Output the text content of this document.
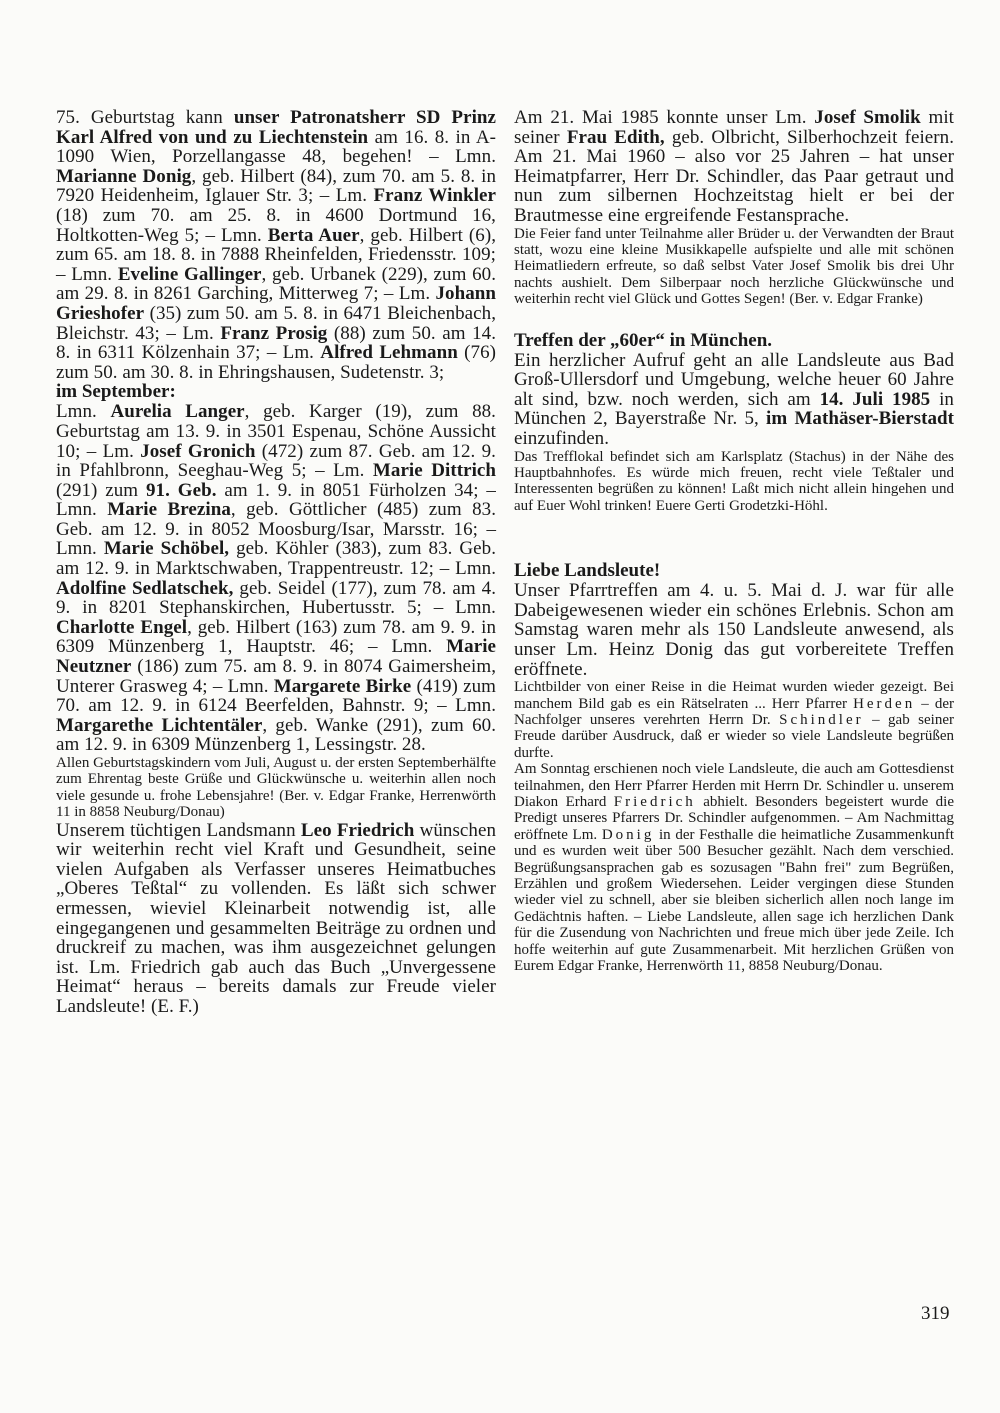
75. Geburtstag kann unser Patronatsherr SD Prinz Karl Alfred von und zu Liechtenstein am 16. 8. in A-1090 Wien, Porzellangasse 48, begehen! – Lmn. Marianne Donig, geb. Hilbert (84), zum 70. am 5. 8. in 7920 Heidenheim, Iglauer Str. 3; – Lm. Franz Winkler (18) zum 70. am 25. 8. in 4600 Dortmund 16, Holtkotten-Weg 5; – Lmn. Berta Auer, geb. Hilbert (6), zum 65. am 18. 8. in 7888 Rheinfelden, Friedensstr. 109; – Lmn. Eveline Gallinger, geb. Urbanek (229), zum 60. am 29. 8. in 8261 Garching, Mitterweg 7; – Lm. Johann Grieshofer (35) zum 50. am 5. 8. in 6471 Bleichenbach, Bleichstr. 43; – Lm. Franz Prosig (88) zum 50. am 14. 8. in 6311 Kölzenhain 37; – Lm. Alfred Lehmann (76) zum 50. am 30. 8. in Ehringshausen, Sudetenstr. 3;

im September:

Lmn. Aurelia Langer, geb. Karger (19), zum 88. Geburtstag am 13. 9. in 3501 Espenau, Schöne Aussicht 10; – Lm. Josef Gronich (472) zum 87. Geb. am 12. 9. in Pfahlbronn, Seeghau-Weg 5; – Lm. Marie Dittrich (291) zum 91. Geb. am 1. 9. in 8051 Fürholzen 34; – Lmn. Marie Brezina, geb. Göttlicher (485) zum 83. Geb. am 12. 9. in 8052 Moosburg/Isar, Marsstr. 16; – Lmn. Marie Schöbel, geb. Köhler (383), zum 83. Geb. am 12. 9. in Marktschwaben, Trappentreustr. 12; – Lmn. Adolfine Sedlatschek, geb. Seidel (177), zum 78. am 4. 9. in 8201 Stephanskirchen, Hubertusstr. 5; – Lmn. Charlotte Engel, geb. Hilbert (163) zum 78. am 9. 9. in 6309 Münzenberg 1, Hauptstr. 46; – Lmn. Marie Neutzner (186) zum 75. am 8. 9. in 8074 Gaimersheim, Unterer Grasweg 4; – Lmn. Margarete Birke (419) zum 70. am 12. 9. in 6124 Beerfelden, Bahnstr. 9; – Lmn. Margarethe Lichtentäler, geb. Wanke (291), zum 60. am 12. 9. in 6309 Münzenberg 1, Lessingstr. 28.

Allen Geburtstagskindern vom Juli, August u. der ersten Septemberhälfte zum Ehrentag beste Grüße und Glückwünsche u. weiterhin allen noch viele gesunde u. frohe Lebensjahre! (Ber. v. Edgar Franke, Herrenwörth 11 in 8858 Neuburg/Donau)

Unserem tüchtigen Landsmann Leo Friedrich wünschen wir weiterhin recht viel Kraft und Gesundheit, seine vielen Aufgaben als Verfasser unseres Heimatbuches „Oberes Teßtal“ zu vollenden. Es läßt sich schwer ermessen, wieviel Kleinarbeit notwendig ist, alle eingegangenen und gesammelten Beiträge zu ordnen und druckreif zu machen, was ihm ausgezeichnet gelungen ist. Lm. Friedrich gab auch das Buch „Unvergessene Heimat“ heraus – bereits damals zur Freude vieler Landsleute! (E. F.)

Am 21. Mai 1985 konnte unser Lm. Josef Smolik mit seiner Frau Edith, geb. Olbricht, Silberhochzeit feiern. Am 21. Mai 1960 – also vor 25 Jahren – hat unser Heimatpfarrer, Herr Dr. Schindler, das Paar getraut und nun zum silbernen Hochzeitstag hielt er bei der Brautmesse eine ergreifende Festansprache.

Die Feier fand unter Teilnahme aller Brüder u. der Verwandten der Braut statt, wozu eine kleine Musikkapelle aufspielte und alle mit schönen Heimatliedern erfreute, so daß selbst Vater Josef Smolik bis drei Uhr nachts aushielt. Dem Silberpaar noch herzliche Glückwünsche und weiterhin recht viel Glück und Gottes Segen! (Ber. v. Edgar Franke)

Treffen der „60er“ in München.

Ein herzlicher Aufruf geht an alle Landsleute aus Bad Groß-Ullersdorf und Umgebung, welche heuer 60 Jahre alt sind, bzw. noch werden, sich am 14. Juli 1985 in München 2, Bayerstraße Nr. 5, im Mathäser-Bierstadt einzufinden.

Das Trefflokal befindet sich am Karlsplatz (Stachus) in der Nähe des Hauptbahnhofes. Es würde mich freuen, recht viele Teßtaler und Interessenten begrüßen zu können! Laßt mich nicht allein hingehen und auf Euer Wohl trinken! Euere Gerti Grodetzki-Höhl.

Liebe Landsleute!

Unser Pfarrtreffen am 4. u. 5. Mai d. J. war für alle Dabeigewesenen wieder ein schönes Erlebnis. Schon am Samstag waren mehr als 150 Landsleute anwesend, als unser Lm. Heinz Donig das gut vorbereitete Treffen eröffnete.

Lichtbilder von einer Reise in die Heimat wurden wieder gezeigt. Bei manchem Bild gab es ein Rätselraten ... Herr Pfarrer Herden – der Nachfolger unseres verehrten Herrn Dr. Schindler – gab seiner Freude darüber Ausdruck, daß er wieder so viele Landsleute begrüßen durfte.
Am Sonntag erschienen noch viele Landsleute, die auch am Gottesdienst teilnahmen, den Herr Pfarrer Herden mit Herrn Dr. Schindler u. unserem Diakon Erhard Friedrich abhielt. Besonders begeistert wurde die Predigt unseres Pfarrers Dr. Schindler aufgenommen. – Am Nachmittag eröffnete Lm. Donig in der Festhalle die heimatliche Zusammenkunft und es wurden weit über 500 Besucher gezählt. Nach dem verschied. Begrüßungsansprachen gab es sozusagen "Bahn frei" zum Begrüßen, Erzählen und großem Wiedersehen. Leider vergingen diese Stunden wieder viel zu schnell, aber sie bleiben sicherlich allen noch lange im Gedächtnis haften. – Liebe Landsleute, allen sage ich herzlichen Dank für die Zusendung von Nachrichten und freue mich über jede Zeile. Ich hoffe weiterhin auf gute Zusammenarbeit. Mit herzlichen Grüßen von Eurem Edgar Franke, Herrenwörth 11, 8858 Neuburg/Donau.

319
